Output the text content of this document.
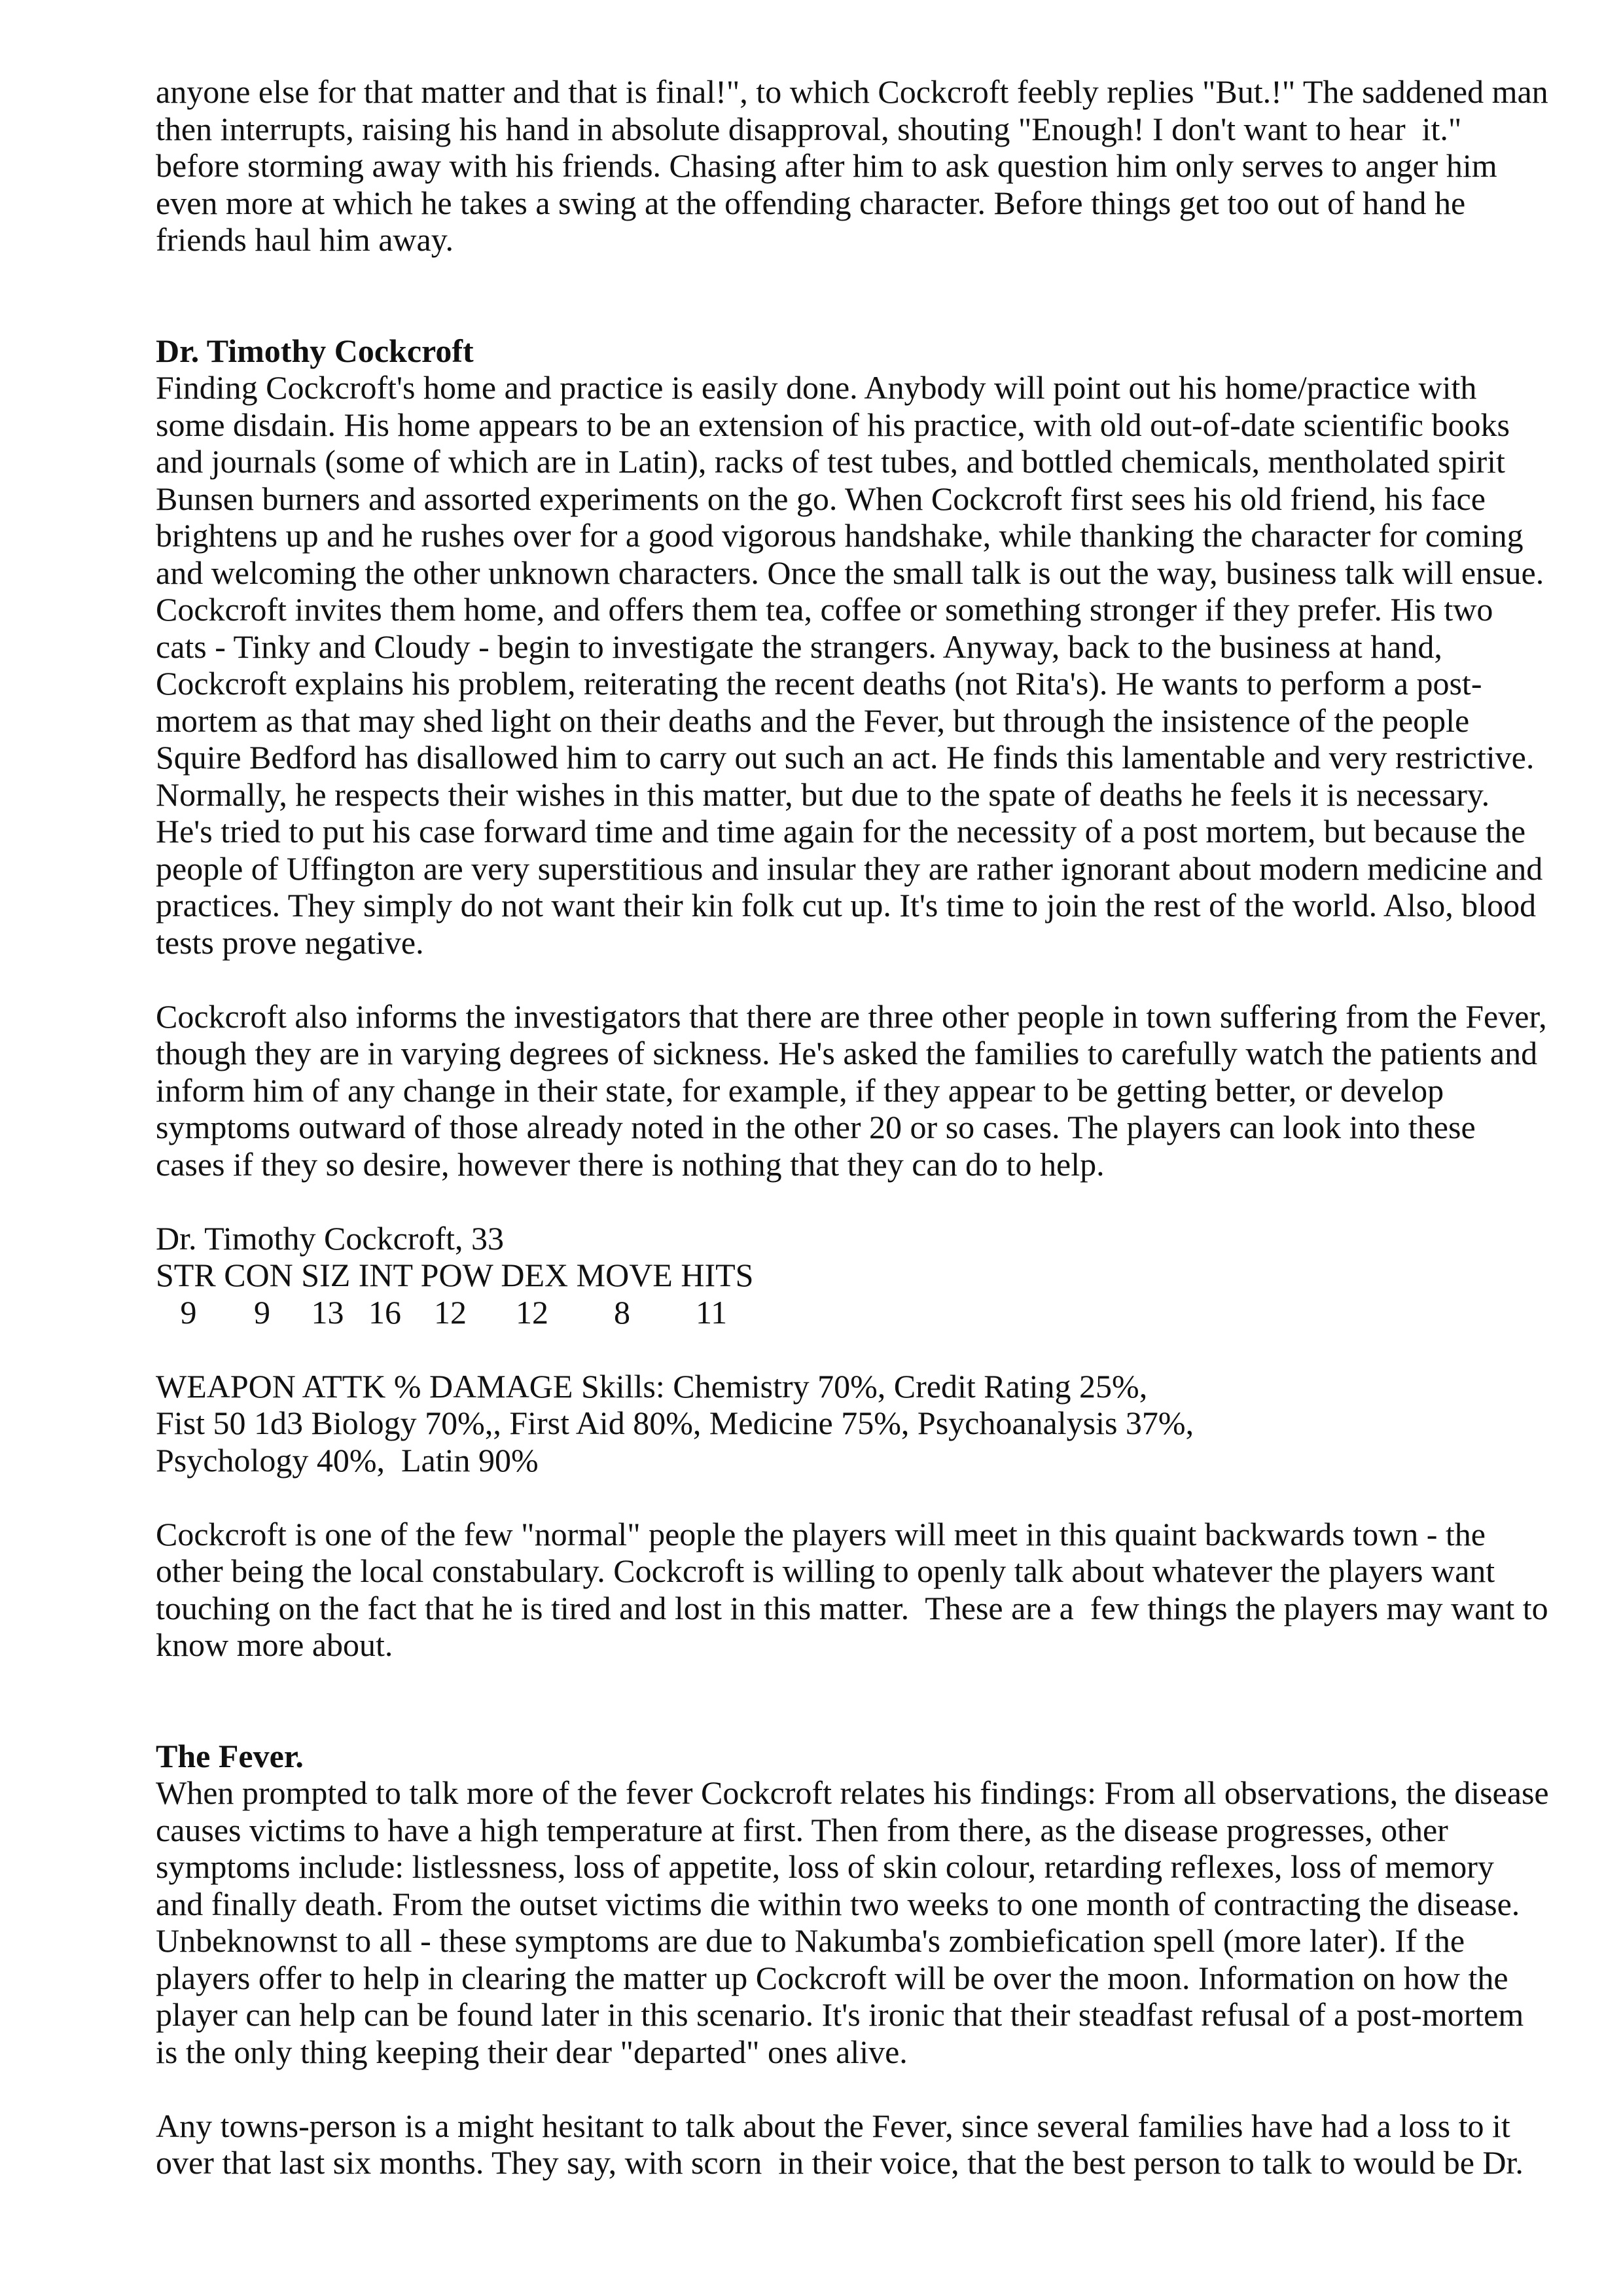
anyone else for that matter and that is final!", to which Cockcroft feebly replies "But.!" The saddened man
then interrupts, raising his hand in absolute disapproval, shouting "Enough! I don't want to hear  it."
before storming away with his friends. Chasing after him to ask question him only serves to anger him
even more at which he takes a swing at the offending character. Before things get too out of hand he
friends haul him away.
Dr. Timothy Cockcroft
Finding Cockcroft's home and practice is easily done. Anybody will point out his home/practice with
some disdain. His home appears to be an extension of his practice, with old out-of-date scientific books
and journals (some of which are in Latin), racks of test tubes, and bottled chemicals, mentholated spirit
Bunsen burners and assorted experiments on the go. When Cockcroft first sees his old friend, his face
brightens up and he rushes over for a good vigorous handshake, while thanking the character for coming
and welcoming the other unknown characters. Once the small talk is out the way, business talk will ensue.
Cockcroft invites them home, and offers them tea, coffee or something stronger if they prefer. His two
cats - Tinky and Cloudy - begin to investigate the strangers. Anyway, back to the business at hand,
Cockcroft explains his problem, reiterating the recent deaths (not Rita's). He wants to perform a post-
mortem as that may shed light on their deaths and the Fever, but through the insistence of the people
Squire Bedford has disallowed him to carry out such an act. He finds this lamentable and very restrictive.
Normally, he respects their wishes in this matter, but due to the spate of deaths he feels it is necessary.
He's tried to put his case forward time and time again for the necessity of a post mortem, but because the
people of Uffington are very superstitious and insular they are rather ignorant about modern medicine and
practices. They simply do not want their kin folk cut up. It's time to join the rest of the world. Also, blood
tests prove negative.
Cockcroft also informs the investigators that there are three other people in town suffering from the Fever,
though they are in varying degrees of sickness. He's asked the families to carefully watch the patients and
inform him of any change in their state, for example, if they appear to be getting better, or develop
symptoms outward of those already noted in the other 20 or so cases. The players can look into these
cases if they so desire, however there is nothing that they can do to help.
Dr. Timothy Cockcroft, 33
STR CON SIZ INT POW DEX MOVE HITS
9       9     13   16    12      12        8        11
WEAPON ATTK % DAMAGE Skills: Chemistry 70%, Credit Rating 25%,
Fist 50 1d3 Biology 70%,, First Aid 80%, Medicine 75%, Psychoanalysis 37%,
Psychology 40%,  Latin 90%
Cockcroft is one of the few "normal" people the players will meet in this quaint backwards town - the
other being the local constabulary. Cockcroft is willing to openly talk about whatever the players want
touching on the fact that he is tired and lost in this matter.  These are a  few things the players may want to
know more about.
The Fever.
When prompted to talk more of the fever Cockcroft relates his findings: From all observations, the disease
causes victims to have a high temperature at first. Then from there, as the disease progresses, other
symptoms include: listlessness, loss of appetite, loss of skin colour, retarding reflexes, loss of memory
and finally death. From the outset victims die within two weeks to one month of contracting the disease.
Unbeknownst to all - these symptoms are due to Nakumba's zombiefication spell (more later). If the
players offer to help in clearing the matter up Cockcroft will be over the moon. Information on how the
player can help can be found later in this scenario. It's ironic that their steadfast refusal of a post-mortem
is the only thing keeping their dear "departed" ones alive.
Any towns-person is a might hesitant to talk about the Fever, since several families have had a loss to it
over that last six months. They say, with scorn  in their voice, that the best person to talk to would be Dr.
